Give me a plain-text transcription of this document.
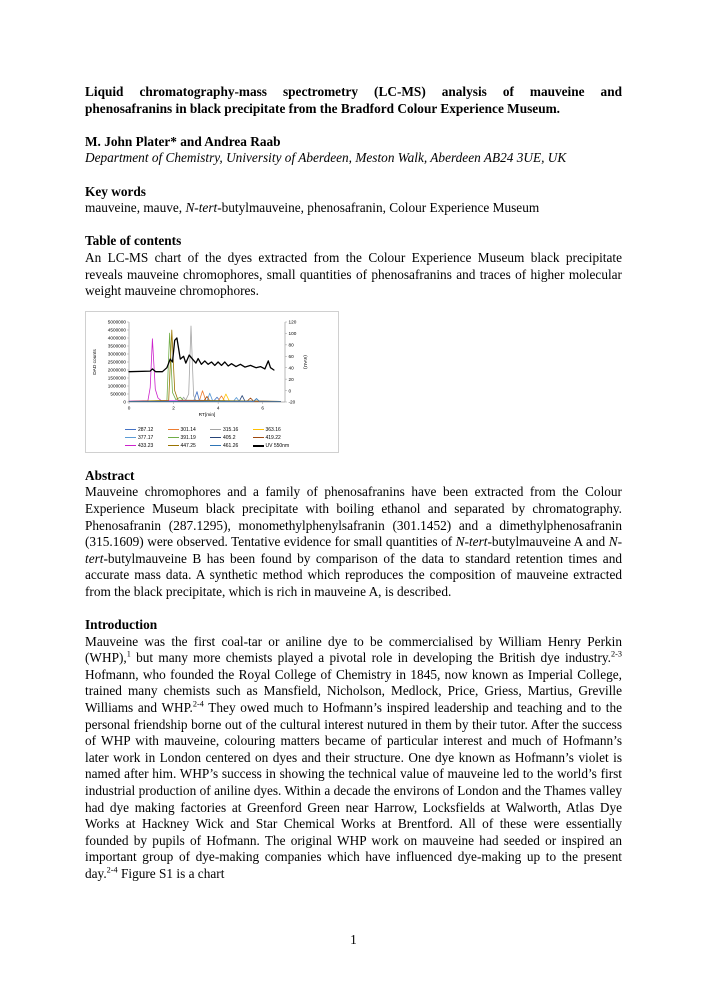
Liquid chromatography-mass spectrometry (LC-MS) analysis of mauveine and phenosafranins in black precipitate from the Bradford Colour Experience Museum.

M. John Plater* and Andrea Raab

Department of Chemistry, University of Aberdeen, Meston Walk, Aberdeen AB24 3UE, UK

Key words

mauveine, mauve, N-tert-butylmauveine, phenosafranin, Colour Experience Museum

Table of contents

An LC-MS chart of the dyes extracted from the Colour Experience Museum black precipitate reveals mauveine chromophores, small quantities of phenosafranins and traces of higher molecular weight mauveine chromophores.

0
500000
1000000
1500000
2000000
2500000
3000000
3500000
4000000
4500000
5000000
-20
0
20
40
60
80
100
120
0	2	4	6
RT[min]
DAD counts	(mAU)
287.12	301.14	315.16	363.16
377.17	391.19	405.2	419.22
433.23	447.25	461.26	UV 550nm

Abstract

Mauveine chromophores and a family of phenosafranins have been extracted from the Colour Experience Museum black precipitate with boiling ethanol and separated by chromatography. Phenosafranin (287.1295), monomethylphenylsafranin (301.1452) and a dimethylphenosafranin (315.1609) were observed. Tentative evidence for small quantities of N-tert-butylmauveine A and N-tert-butylmauveine B has been found by comparison of the data to standard retention times and accurate mass data. A synthetic method which reproduces the composition of mauveine extracted from the black precipitate, which is rich in mauveine A, is described.

Introduction

Mauveine was the first coal-tar or aniline dye to be commercialised by William Henry Perkin (WHP),$^1$ but many more chemists played a pivotal role in developing the British dye industry.$^{2-3}$ Hofmann, who founded the Royal College of Chemistry in 1845, now known as Imperial College, trained many chemists such as Mansfield, Nicholson, Medlock, Price, Griess, Martius, Greville Williams and WHP.$^{2-4}$ They owed much to Hofmann’s inspired leadership and teaching and to the personal friendship borne out of the cultural interest nutured in them by their tutor. After the success of WHP with mauveine, colouring matters became of particular interest and much of Hofmann’s later work in London centered on dyes and their structure. One dye known as Hofmann’s violet is named after him. WHP’s success in showing the technical value of mauveine led to the world’s first industrial production of aniline dyes. Within a decade the environs of London and the Thames valley had dye making factories at Greenford Green near Harrow, Locksfields at Walworth, Atlas Dye Works at Hackney Wick and Star Chemical Works at Brentford. All of these were essentially founded by pupils of Hofmann. The original WHP work on mauveine had seeded or inspired an important group of dye-making companies which have influenced dye-making up to the present day.$^{2-4}$ Figure S1 is a chart

1
